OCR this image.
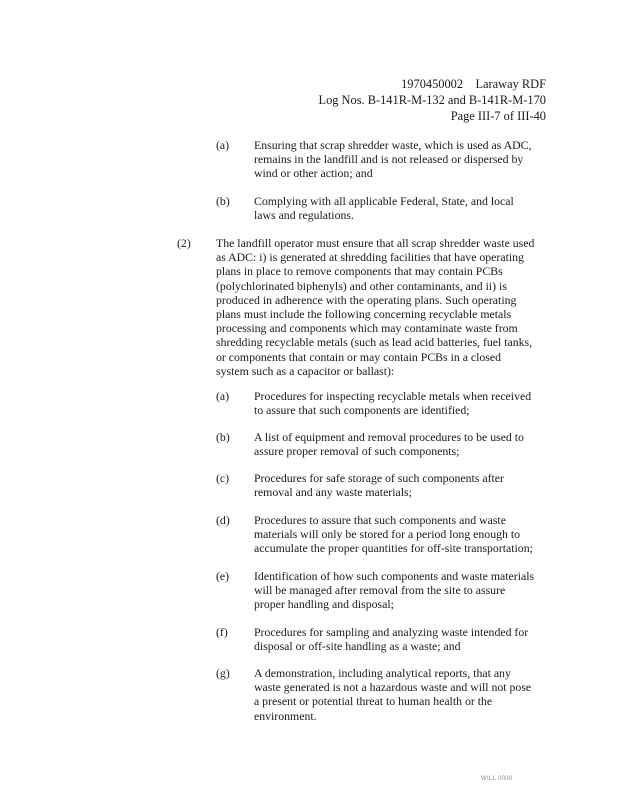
1970450002    Laraway RDF
Log Nos. B-141R-M-132 and B-141R-M-170
Page III-7 of III-40
(a) Ensuring that scrap shredder waste, which is used as ADC,
remains in the landfill and is not released or dispersed by
wind or other action; and
(b) Complying with all applicable Federal, State, and local
laws and regulations.
(2) The landfill operator must ensure that all scrap shredder waste used
as ADC: i) is generated at shredding facilities that have operating
plans in place to remove components that may contain PCBs
(polychlorinated biphenyls) and other contaminants, and ii) is
produced in adherence with the operating plans. Such operating
plans must include the following concerning recyclable metals
processing and components which may contaminate waste from
shredding recyclable metals (such as lead acid batteries, fuel tanks,
or components that contain or may contain PCBs in a closed
system such as a capacitor or ballast):
(a) Procedures for inspecting recyclable metals when received
to assure that such components are identified;
(b) A list of equipment and removal procedures to be used to
assure proper removal of such components;
(c) Procedures for safe storage of such components after
removal and any waste materials;
(d) Procedures to assure that such components and waste
materials will only be stored for a period long enough to
accumulate the proper quantities for off-site transportation;
(e) Identification of how such components and waste materials
will be managed after removal from the site to assure
proper handling and disposal;
(f) Procedures for sampling and analyzing waste intended for
disposal or off-site handling as a waste; and
(g) A demonstration, including analytical reports, that any
waste generated is not a hazardous waste and will not pose
a present or potential threat to human health or the
environment.
WILL 0000
